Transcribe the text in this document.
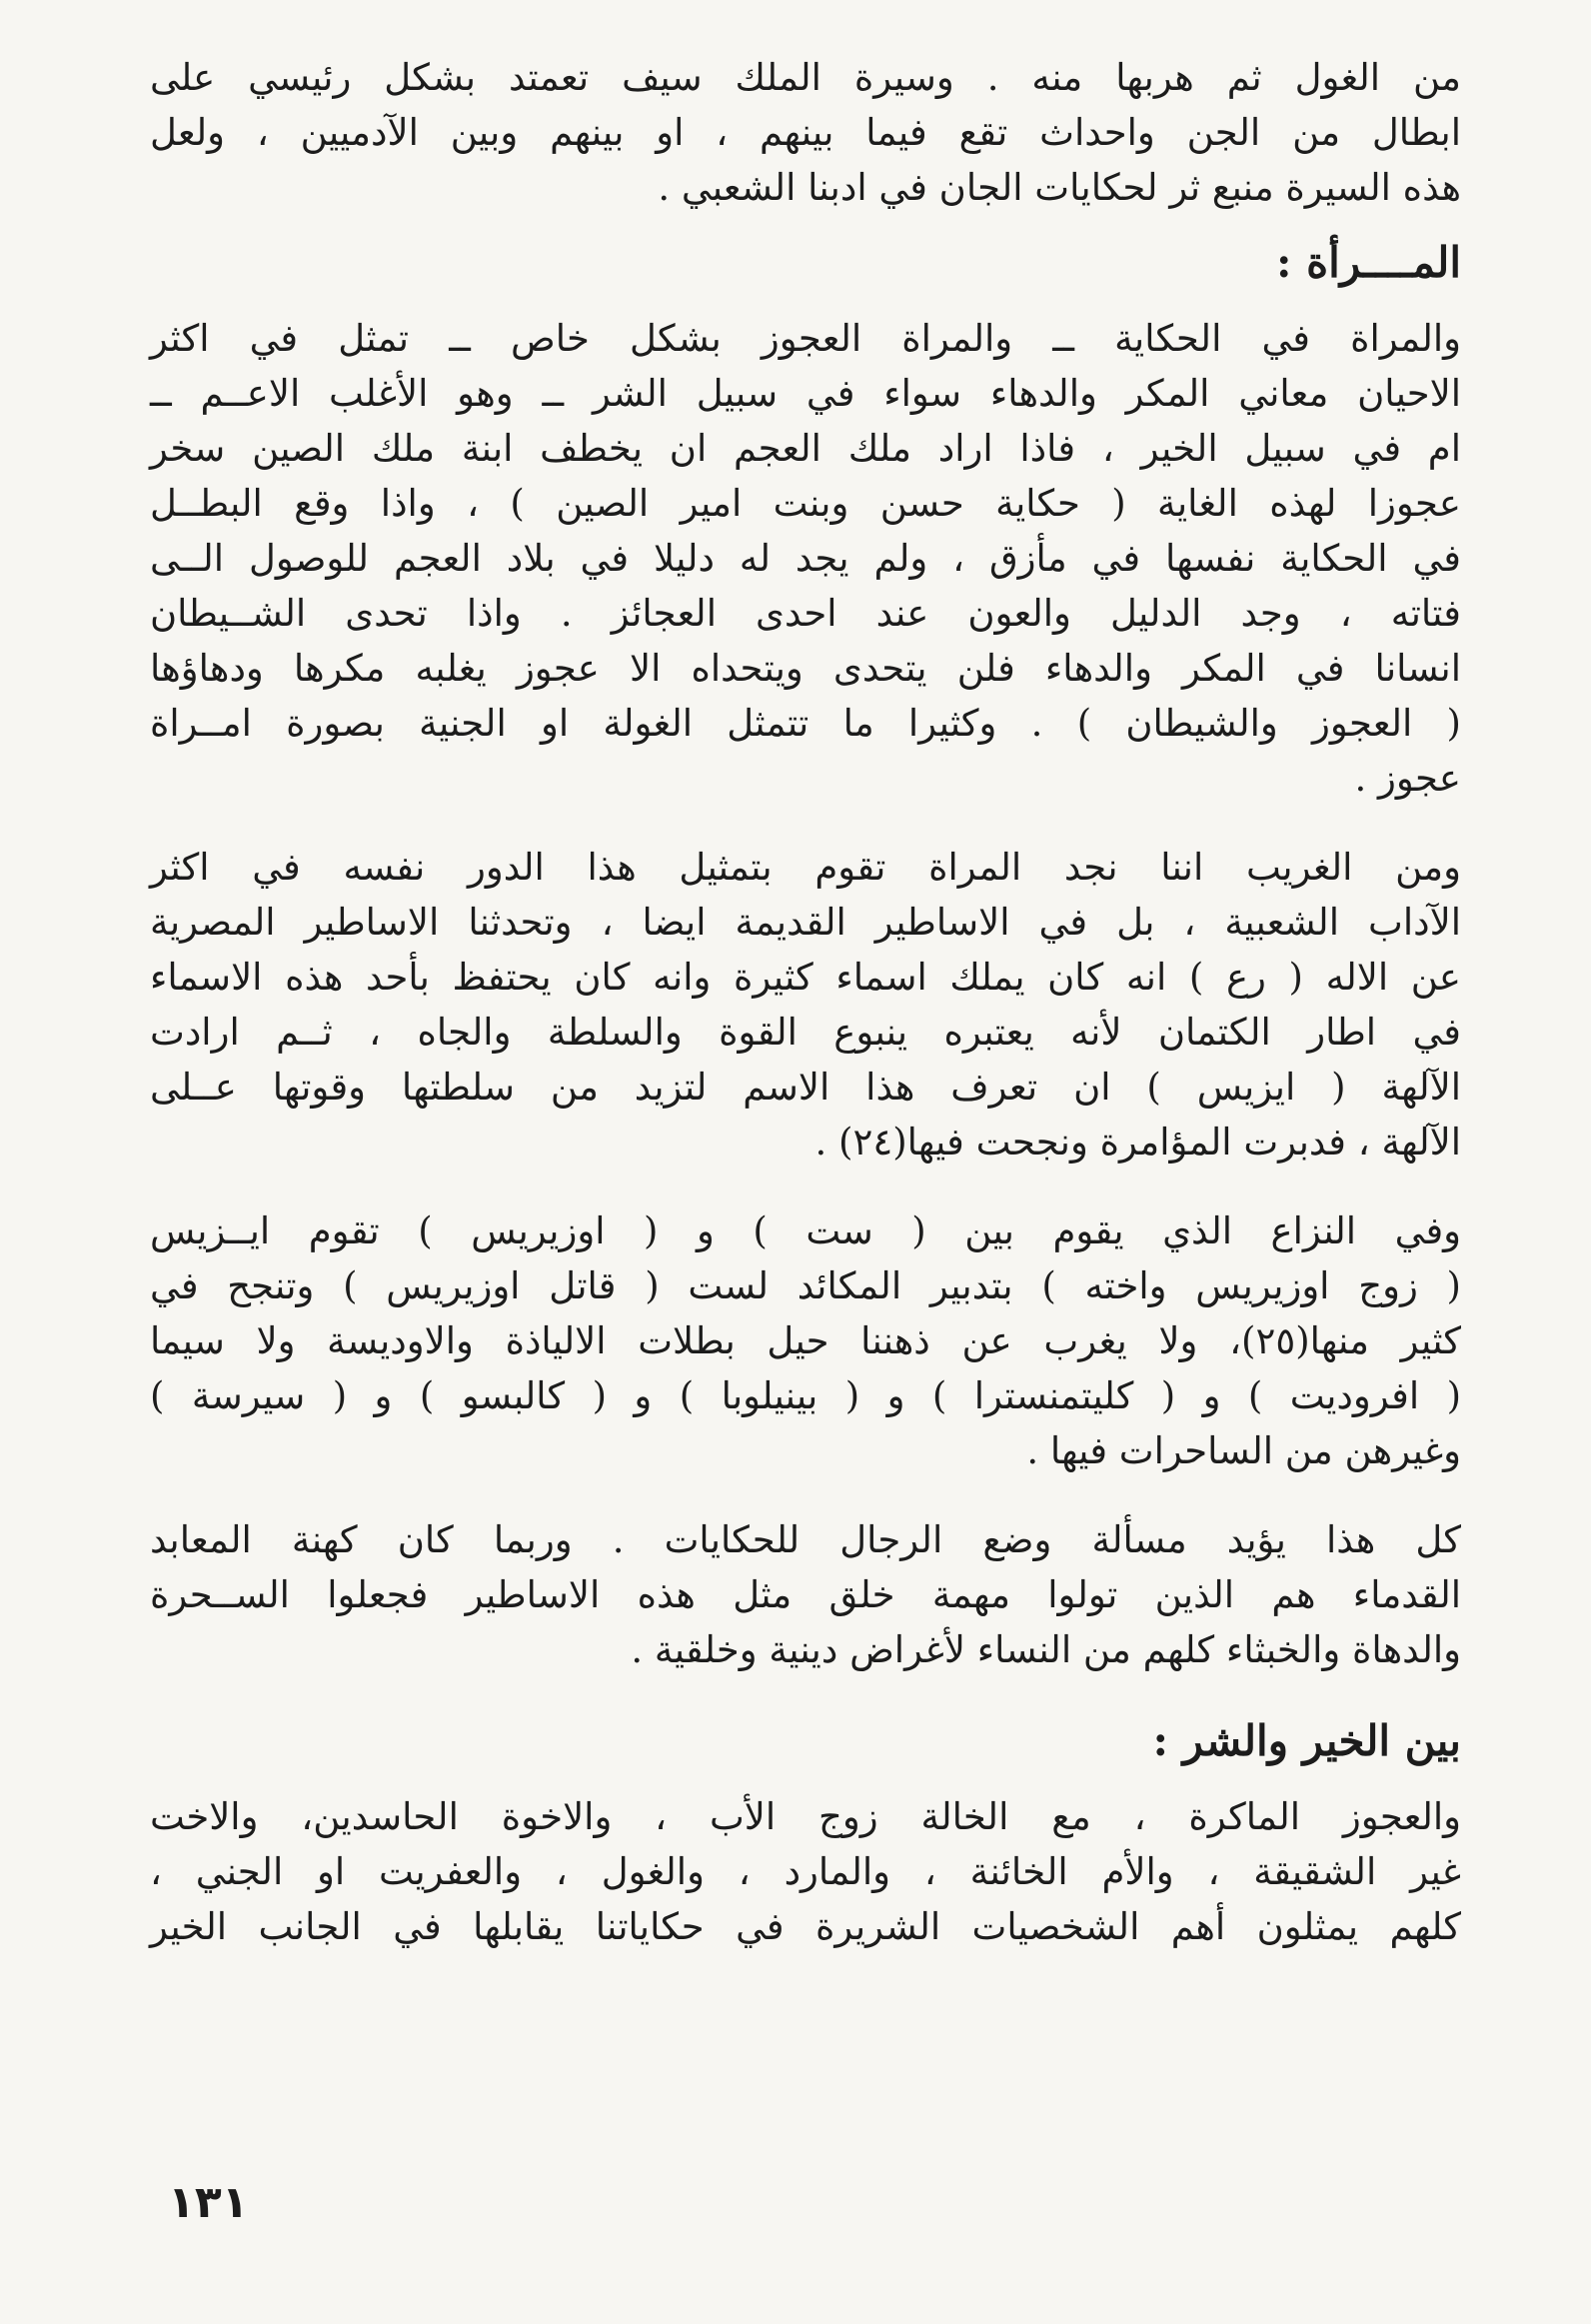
من الغول ثم هربها منه . وسيرة الملك سيف تعمتد بشكل رئيسي على
ابطال من الجن واحداث تقع فيما بينهم ، او بينهم وبين الآدميين ، ولعل
هذه السيرة منبع ثر لحكايات الجان في ادبنا الشعبي .

المــــرأة :

والمراة في الحكاية ــ والمراة العجوز بشكل خاص ــ تمثل في اكثر
الاحيان معاني المكر والدهاء سواء في سبيل الشر ــ وهو الأغلب الاعــم ــ
ام في سبيل الخير ، فاذا اراد ملك العجم ان يخطف ابنة ملك الصين سخر
عجوزا لهذه الغاية ( حكاية حسن وبنت امير الصين ) ، واذا وقع البطــل
في الحكاية نفسها في مأزق ، ولم يجد له دليلا في بلاد العجم للوصول الــى
فتاته ، وجد الدليل والعون عند احدى العجائز . واذا تحدى الشــيطان
انسانا في المكر والدهاء فلن يتحدى ويتحداه الا عجوز يغلبه مكرها ودهاؤها
( العجوز والشيطان ) . وكثيرا ما تتمثل الغولة او الجنية بصورة امــراة
عجوز .

ومن الغريب اننا نجد المراة تقوم بتمثيل هذا الدور نفسه في اكثر
الآداب الشعبية ، بل في الاساطير القديمة ايضا ، وتحدثنا الاساطير المصرية
عن الاله ( رع ) انه كان يملك اسماء كثيرة وانه كان يحتفظ بأحد هذه الاسماء
في اطار الكتمان لأنه يعتبره ينبوع القوة والسلطة والجاه ، ثــم ارادت
الآلهة ( ايزيس ) ان تعرف هذا الاسم لتزيد من سلطتها وقوتها عــلى
الآلهة ، فدبرت المؤامرة ونجحت فيها(٢٤) .

وفي النزاع الذي يقوم بين ( ست ) و ( اوزيريس ) تقوم ايــزيس
( زوج اوزيريس واخته ) بتدبير المكائد لست ( قاتل اوزيريس ) وتنجح في
كثير منها(٢٥)، ولا يغرب عن ذهننا حيل بطلات الالياذة والاوديسة ولا سيما
( افروديت ) و ( كليتمنسترا ) و ( بينيلوبا ) و ( كالبسو ) و ( سيرسة )
وغيرهن من الساحرات فيها .

كل هذا يؤيد مسألة وضع الرجال للحكايات . وربما كان كهنة المعابد
القدماء هم الذين تولوا مهمة خلق مثل هذه الاساطير فجعلوا الســحرة
والدهاة والخبثاء كلهم من النساء لأغراض دينية وخلقية .

بين الخير والشر :

والعجوز الماكرة ، مع الخالة زوج الأب ، والاخوة الحاسدين، والاخت
غير الشقيقة ، والأم الخائنة ، والمارد ، والغول ، والعفريت او الجني ،
كلهم يمثلون أهم الشخصيات الشريرة في حكاياتنا يقابلها في الجانب الخير

١٣١
